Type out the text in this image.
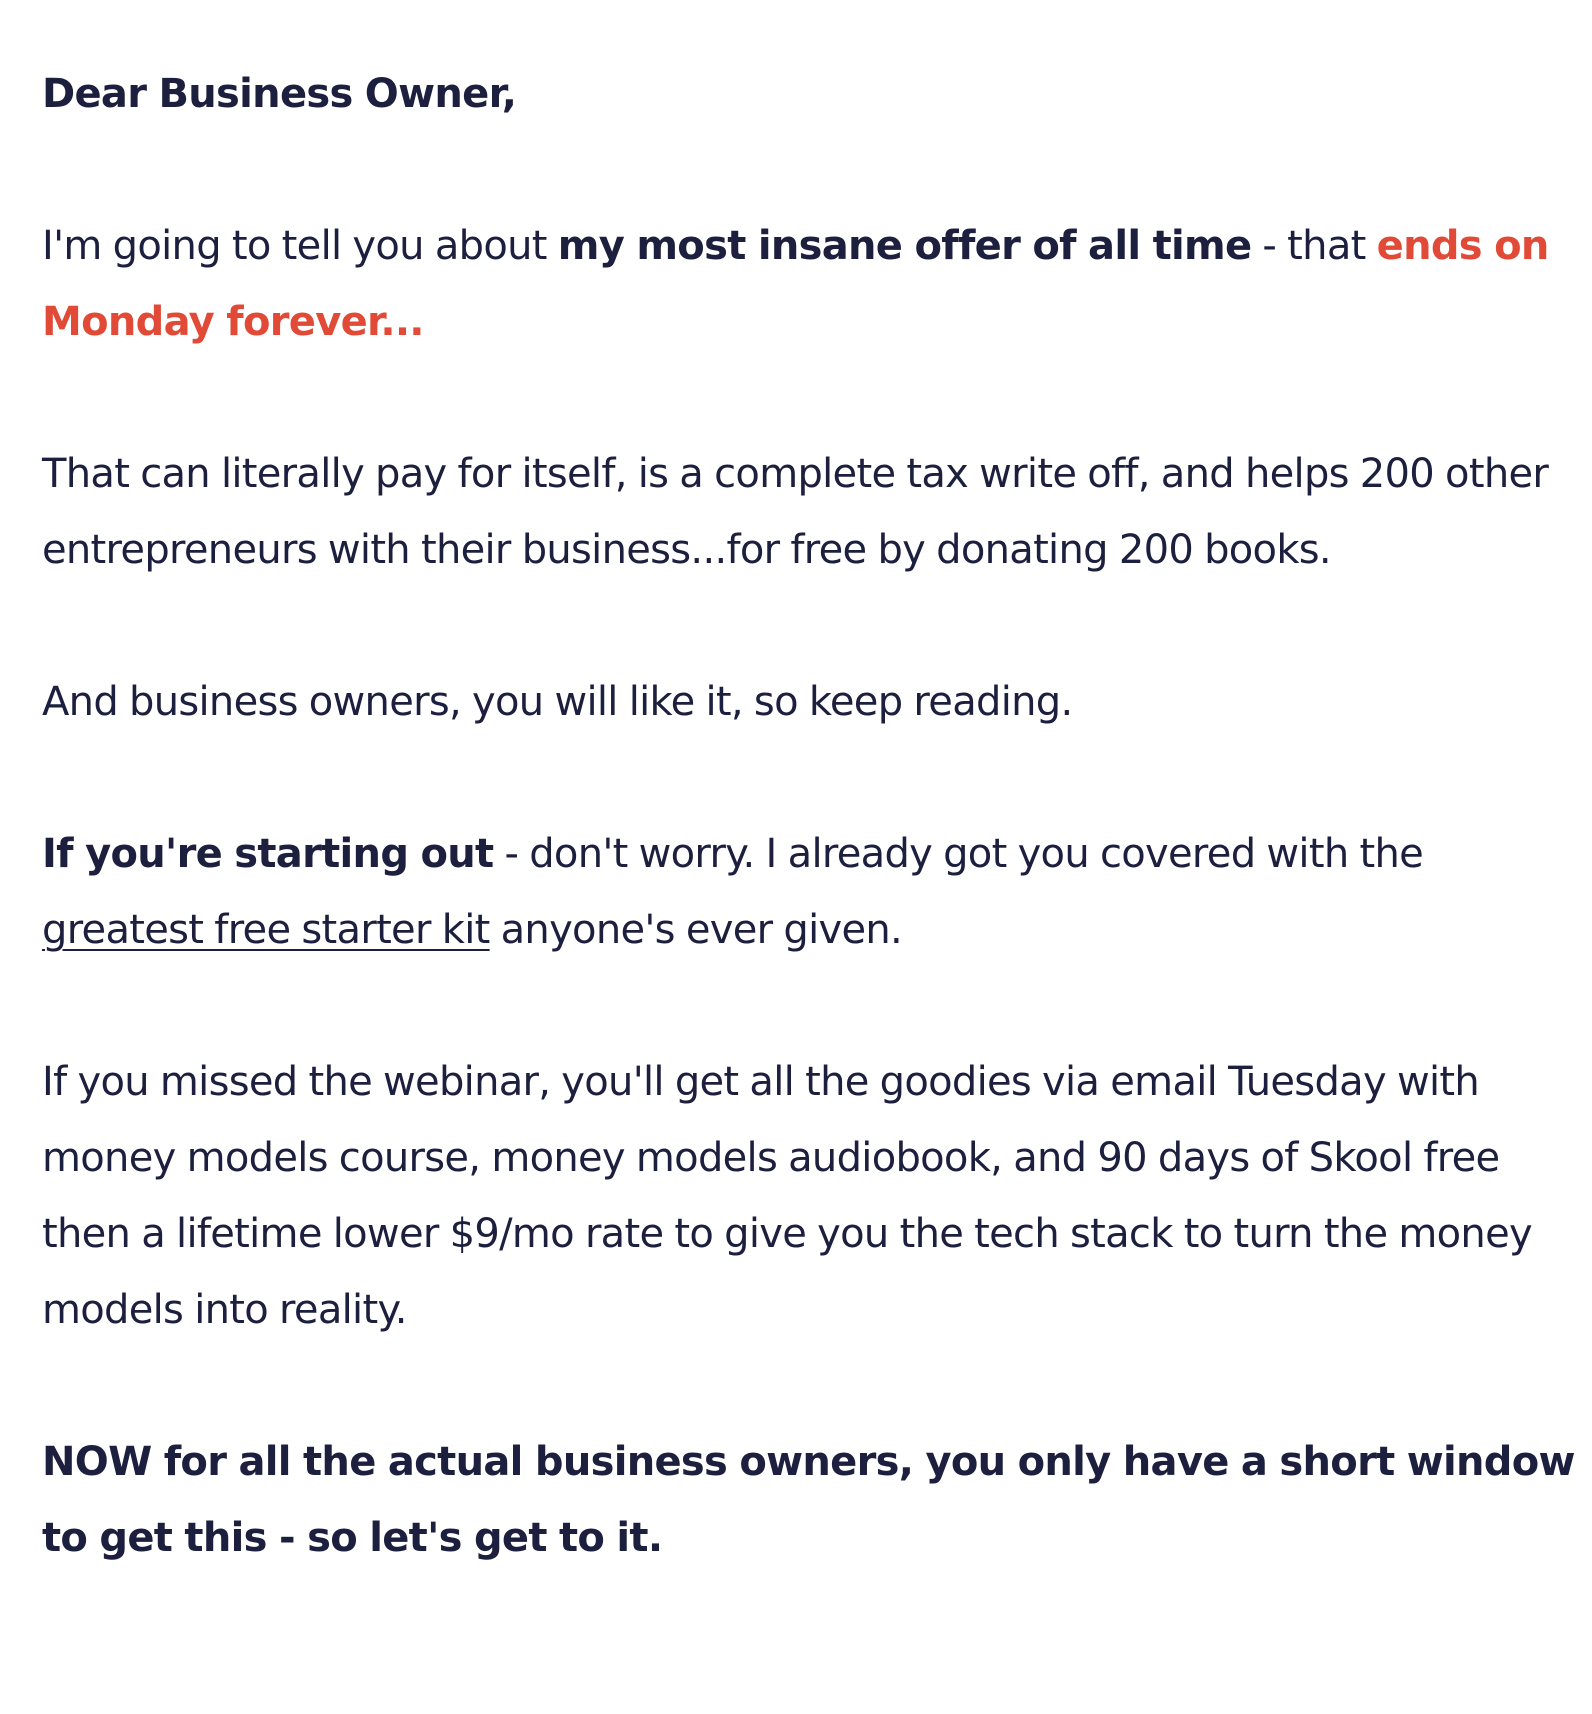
Dear Business Owner,

I'm going to tell you about my most insane offer of all time - that ends on Monday forever...

That can literally pay for itself, is a complete tax write off, and helps 200 other entrepreneurs with their business...for free by donating 200 books.

And business owners, you will like it, so keep reading.

If you're starting out - don't worry. I already got you covered with the greatest free starter kit anyone's ever given.

If you missed the webinar, you'll get all the goodies via email Tuesday with money models course, money models audiobook, and 90 days of Skool free then a lifetime lower $9/mo rate to give you the tech stack to turn the money models into reality.

NOW for all the actual business owners, you only have a short window to get this - so let's get to it.
